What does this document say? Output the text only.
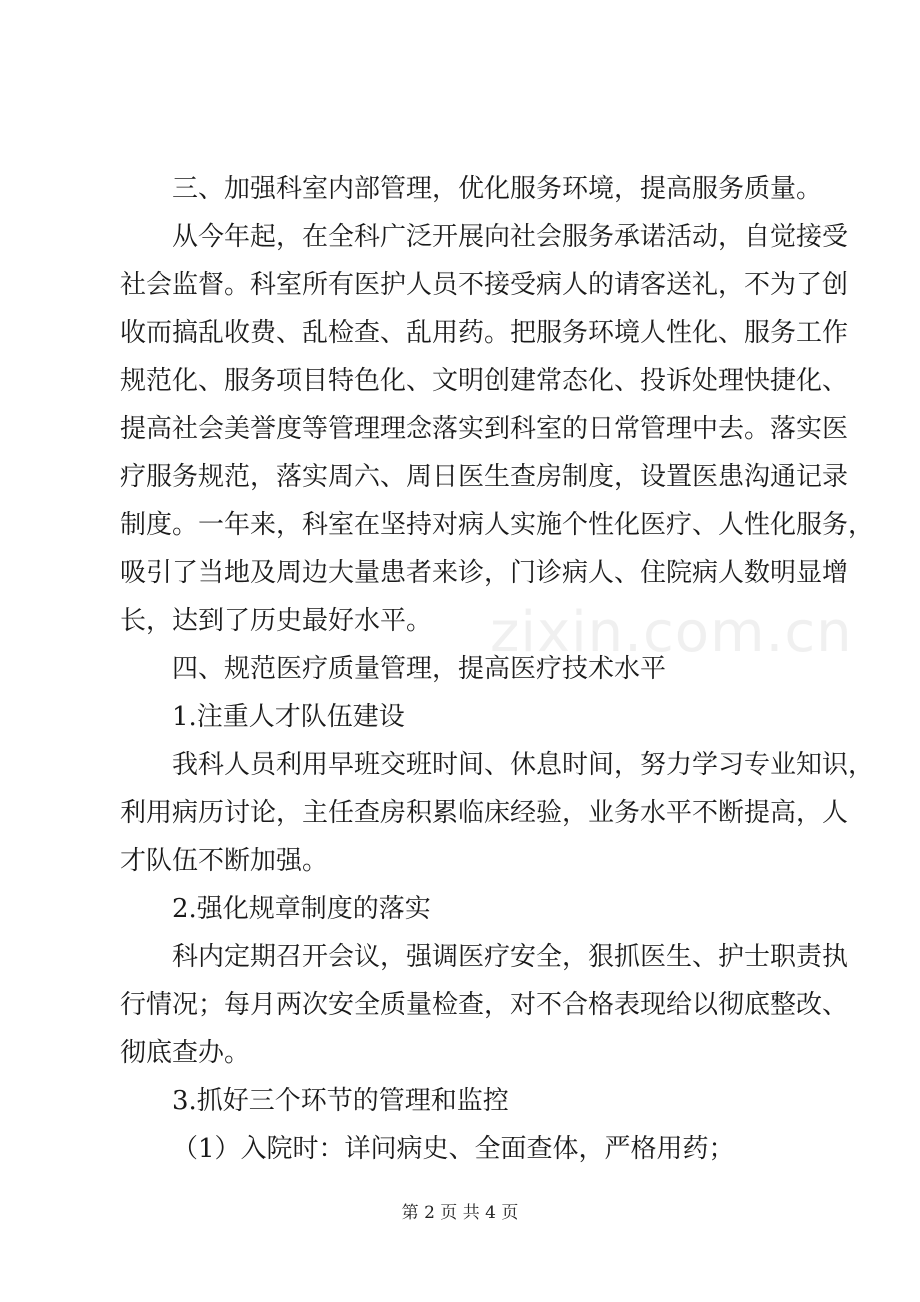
zixin.com.cn
三、加强科室内部管理，优化服务环境，提高服务质量。
从今年起，在全科广泛开展向社会服务承诺活动，自觉接受
社会监督。科室所有医护人员不接受病人的请客送礼，不为了创
收而搞乱收费、乱检查、乱用药。把服务环境人性化、服务工作
规范化、服务项目特色化、文明创建常态化、投诉处理快捷化、
提高社会美誉度等管理理念落实到科室的日常管理中去。落实医
疗服务规范，落实周六、周日医生查房制度，设置医患沟通记录
制度。一年来，科室在坚持对病人实施个性化医疗、人性化服务，
吸引了当地及周边大量患者来诊，门诊病人、住院病人数明显增
长，达到了历史最好水平。
四、规范医疗质量管理，提高医疗技术水平
1.注重人才队伍建设
我科人员利用早班交班时间、休息时间，努力学习专业知识，
利用病历讨论，主任查房积累临床经验，业务水平不断提高，人
才队伍不断加强。
2.强化规章制度的落实
科内定期召开会议，强调医疗安全，狠抓医生、护士职责执
行情况；每月两次安全质量检查，对不合格表现给以彻底整改、
彻底查办。
3.抓好三个环节的管理和监控
（1）入院时：详问病史、全面查体，严格用药；
第 2 页 共 4 页
